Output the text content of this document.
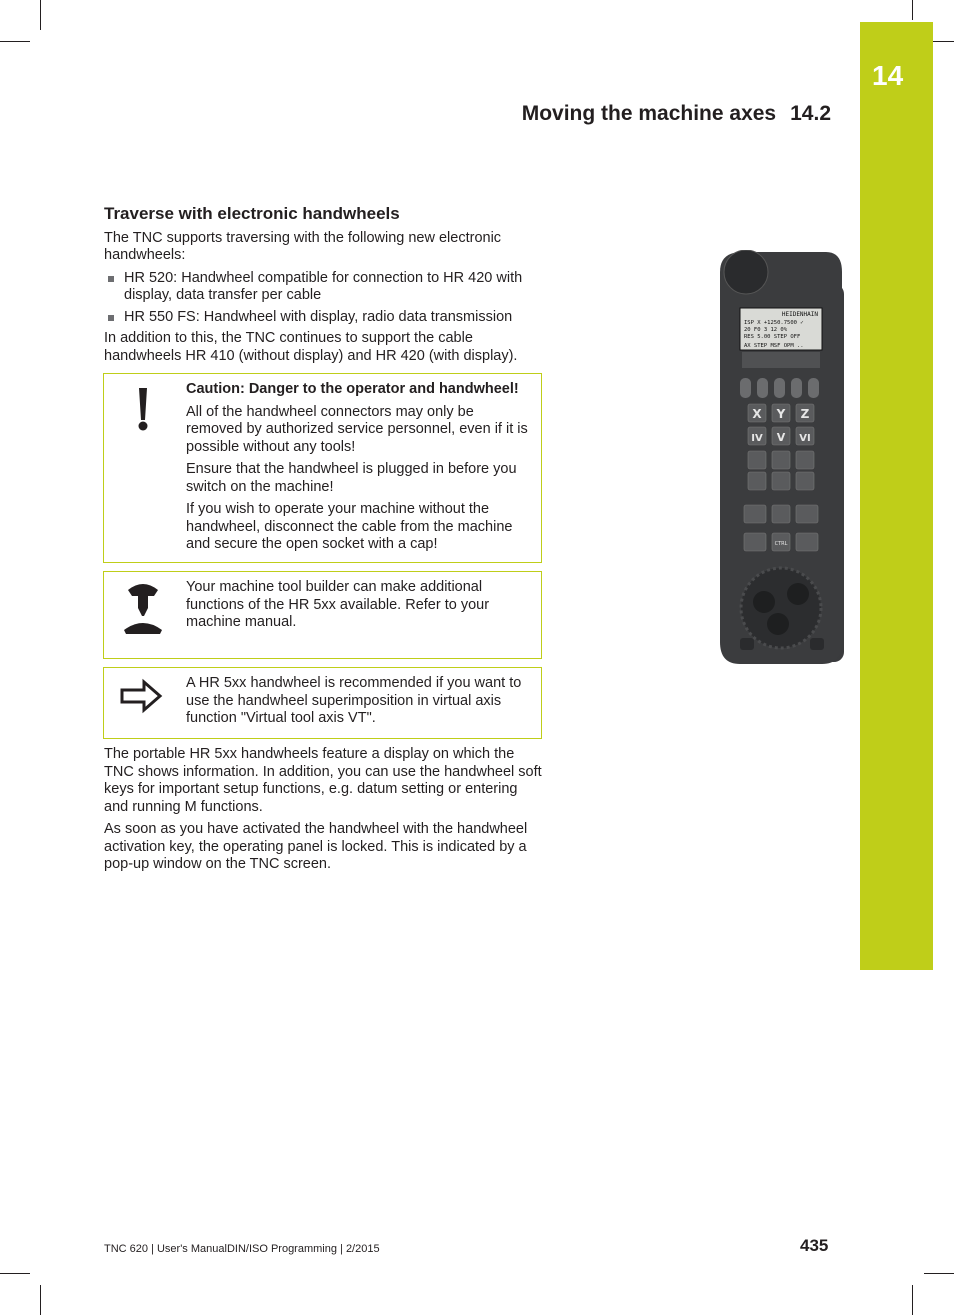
14
Moving the machine axes 14.2
Traverse with electronic handwheels

The TNC supports traversing with the following new electronic handwheels:

HR 520: Handwheel compatible for connection to HR 420 with display, data transfer per cable
HR 550 FS: Handwheel with display, radio data transmission

In addition to this, the TNC continues to support the cable handwheels HR 410 (without display) and HR 420 (with display).

Caution: Danger to the operator and handwheel!

All of the handwheel connectors may only be removed by authorized service personnel, even if it is possible without any tools!

Ensure that the handwheel is plugged in before you switch on the machine!

If you wish to operate your machine without the handwheel, disconnect the cable from the machine and secure the open socket with a cap!

Your machine tool builder can make additional functions of the HR 5xx available. Refer to your machine manual.

A HR 5xx handwheel is recommended if you want to use the handwheel superimposition in virtual axis function "Virtual tool axis VT".

The portable HR 5xx handwheels feature a display on which the TNC shows information. In addition, you can use the handwheel soft keys for important setup functions, e.g. datum setting or entering and running M functions.

As soon as you have activated the handwheel with the handwheel activation key, the operating panel is locked. This is indicated by a pop-up window on the TNC screen.

HEIDENHAIN
ISP X +1250.7500 ✓
20 F0 3 12 0%
RES 5.00 STEP OFF
AX STEP MSF OPM ..
X Y Z
IV V VI
CTRL
TNC 620 | User's ManualDIN/ISO Programming | 2/2015	435
